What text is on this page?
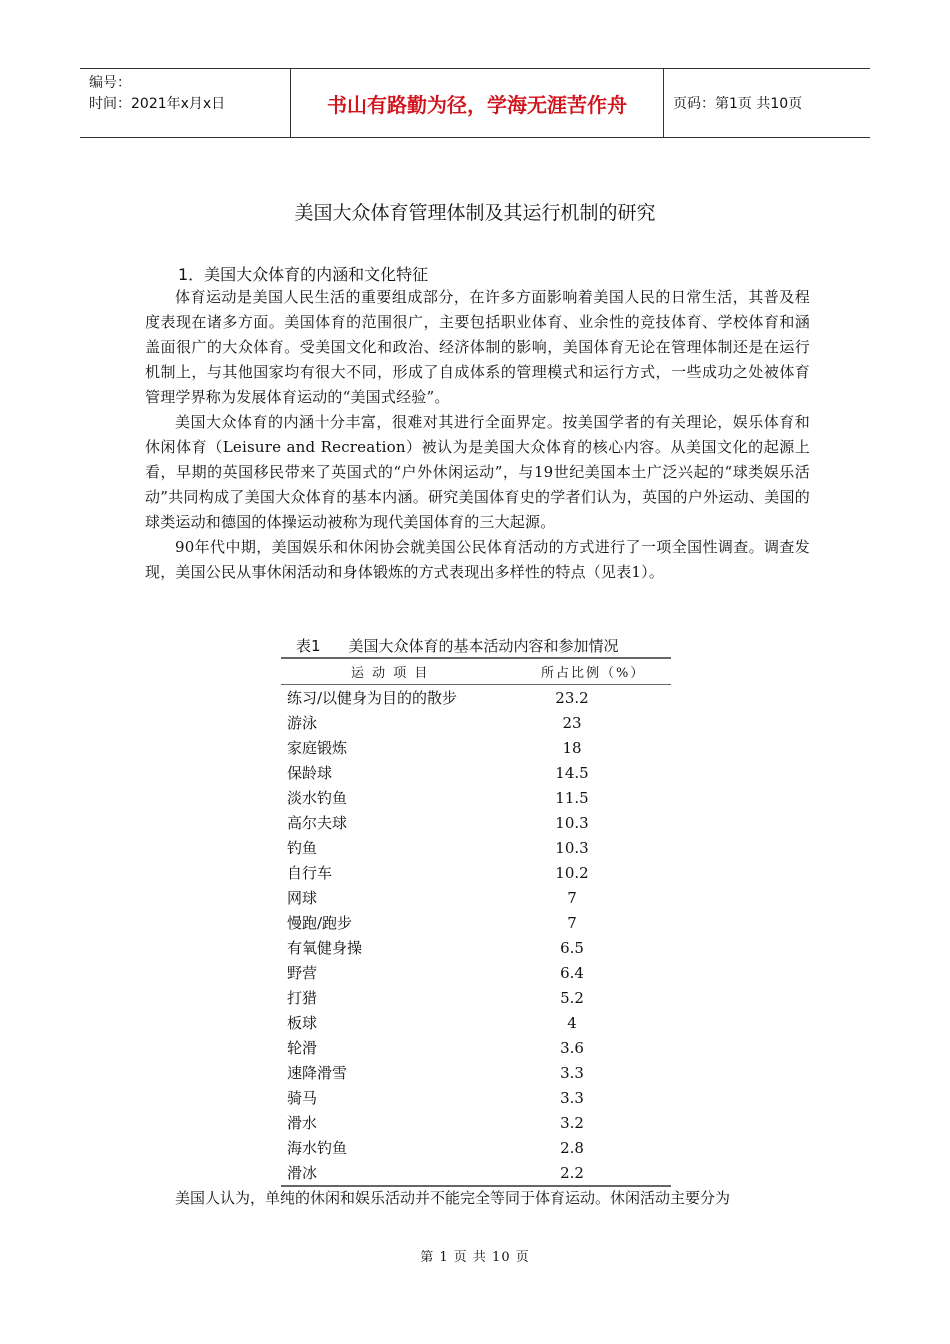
编号：
时间：2021年x月x日	书山有路勤为径，学海无涯苦作舟	页码：第1页 共10页
美国大众体育管理体制及其运行机制的研究
1．美国大众体育的内涵和文化特征

体育运动是美国人民生活的重要组成部分，在许多方面影响着美国人民的日常生活，其普及程度表现在诸多方面。美国体育的范围很广，主要包括职业体育、业余性的竞技体育、学校体育和涵盖面很广的大众体育。受美国文化和政治、经济体制的影响，美国体育无论在管理体制还是在运行机制上，与其他国家均有很大不同，形成了自成体系的管理模式和运行方式，一些成功之处被体育管理学界称为发展体育运动的“美国式经验”。

美国大众体育的内涵十分丰富，很难对其进行全面界定。按美国学者的有关理论，娱乐体育和休闲体育（Leisure and Recreation）被认为是美国大众体育的核心内容。从美国文化的起源上看，早期的英国移民带来了英国式的“户外休闲运动”，与19世纪美国本土广泛兴起的“球类娱乐活动”共同构成了美国大众体育的基本内涵。研究美国体育史的学者们认为，英国的户外运动、美国的球类运动和德国的体操运动被称为现代美国体育的三大起源。

90年代中期，美国娱乐和休闲协会就美国公民体育活动的方式进行了一项全国性调查。调查发现，美国公民从事休闲活动和身体锻炼的方式表现出多样性的特点（见表1）。

表1 美国大众体育的基本活动内容和参加情况
运 动 项 目	所占比例（%）
练习/以健身为目的的散步	23.2
游泳	23
家庭锻炼	18
保龄球	14.5
淡水钓鱼	11.5
高尔夫球	10.3
钓鱼	10.3
自行车	10.2
网球	7
慢跑/跑步	7
有氧健身操	6.5
野营	6.4
打猎	5.2
板球	4
轮滑	3.6
速降滑雪	3.3
骑马	3.3
滑水	3.2
海水钓鱼	2.8
滑冰	2.2
美国人认为，单纯的休闲和娱乐活动并不能完全等同于体育运动。休闲活动主要分为
第 1 页 共 10 页
